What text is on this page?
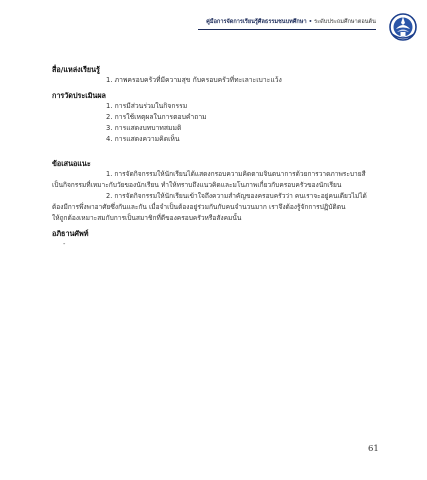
คู่มือการจัดการเรียนรู้ศีลธรรมชนบทศึกษา • ระดับประถมศึกษาตอนต้น
สื่อ/แหล่งเรียนรู้
1. ภาพครอบครัวที่มีความสุข กับครอบครัวที่ทะเลาะเบาะแว้ง
การวัดประเมินผล
1. การมีส่วนร่วมในกิจกรรม
2. การใช้เหตุผลในการตอบคำถาม
3. การแสดงบทบาทสมมติ
4. การแสดงความคิดเห็น
ข้อเสนอแนะ
1. การจัดกิจกรรมให้นักเรียนได้แสดงกรอบความคิดตามจินตนาการด้วยการวาดภาพระบายสี
เป็นกิจกรรมที่เหมาะกับวัยของนักเรียน ทำให้ทราบถึงแนวคิดและมโนภาพเกี่ยวกับครอบครัวของนักเรียน
2. การจัดกิจกรรมให้นักเรียนเข้าใจถึงความสำคัญของครอบครัวว่า คนเราจะอยู่คนเดียวไม่ได้
ต้องมีการพึ่งพาอาศัยซึ่งกันและกัน เมื่อจำเป็นต้องอยู่ร่วมกันกับคนจำนวนมาก เราจึงต้องรู้จักการปฏิบัติตน
ให้ถูกต้องเหมาะสมกับการเป็นสมาชิกที่ดีของครอบครัวหรือสังคมนั้น
อภิธานศัพท์
-
61
